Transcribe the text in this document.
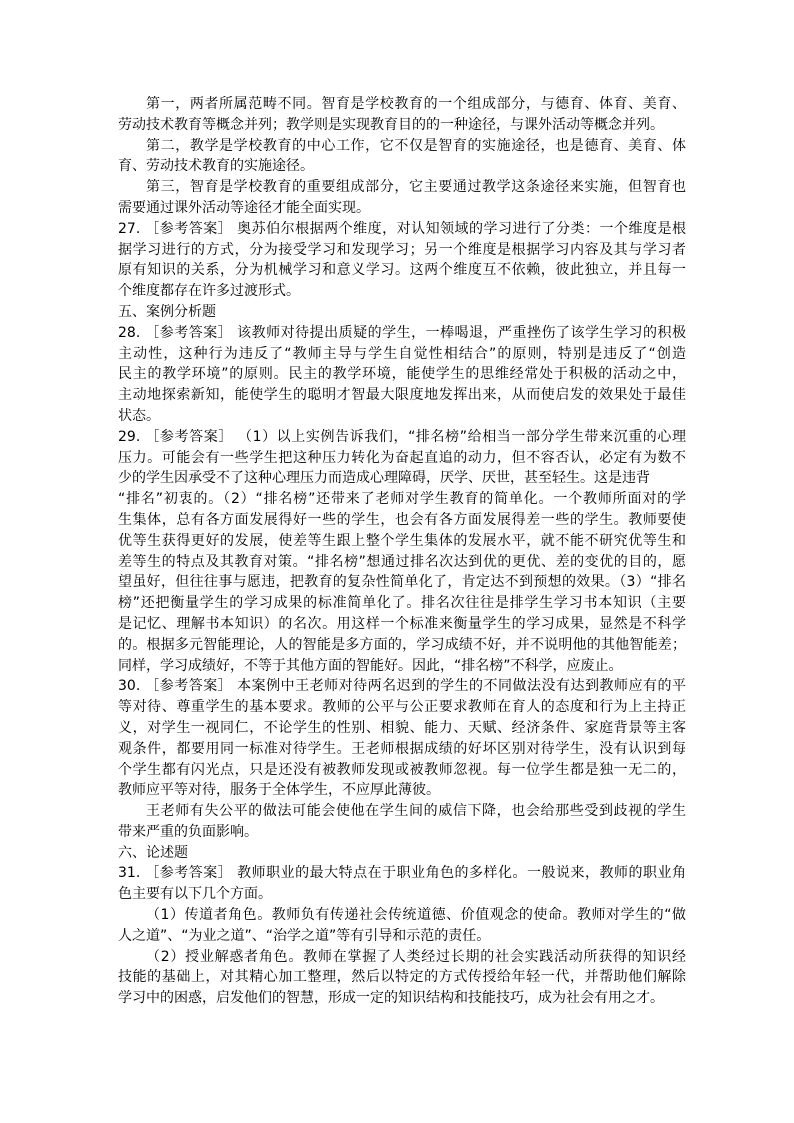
第一，两者所属范畴不同。智育是学校教育的一个组成部分，与德育、体育、美育、
劳动技术教育等概念并列；教学则是实现教育目的的一种途径，与课外活动等概念并列。
第二，教学是学校教育的中心工作，它不仅是智育的实施途径，也是德育、美育、体
育、劳动技术教育的实施途径。
第三，智育是学校教育的重要组成部分，它主要通过教学这条途径来实施，但智育也
需要通过课外活动等途径才能全面实现。
27. ［参考答案］ 奥苏伯尔根据两个维度，对认知领域的学习进行了分类：一个维度是根
据学习进行的方式，分为接受学习和发现学习；另一个维度是根据学习内容及其与学习者
原有知识的关系，分为机械学习和意义学习。这两个维度互不依赖，彼此独立，并且每一
个维度都存在许多过渡形式。
五、案例分析题
28. ［参考答案］ 该教师对待提出质疑的学生，一棒喝退，严重挫伤了该学生学习的积极
主动性，这种行为违反了“教师主导与学生自觉性相结合”的原则，特别是违反了“创造
民主的教学环境”的原则。民主的教学环境，能使学生的思维经常处于积极的活动之中，
主动地探索新知，能使学生的聪明才智最大限度地发挥出来，从而使启发的效果处于最佳
状态。
29. ［参考答案］ （1）以上实例告诉我们，“排名榜”给相当一部分学生带来沉重的心理
压力。可能会有一些学生把这种压力转化为奋起直追的动力，但不容否认，必定有为数不
少的学生因承受不了这种心理压力而造成心理障碍，厌学、厌世，甚至轻生。这是违背
“排名”初衷的。（2）“排名榜”还带来了老师对学生教育的简单化。一个教师所面对的学
生集体，总有各方面发展得好一些的学生，也会有各方面发展得差一些的学生。教师要使
优等生获得更好的发展，使差等生跟上整个学生集体的发展水平，就不能不研究优等生和
差等生的特点及其教育对策。“排名榜”想通过排名次达到优的更优、差的变优的目的，愿
望虽好，但往往事与愿违，把教育的复杂性简单化了，肯定达不到预想的效果。（3）“排名
榜”还把衡量学生的学习成果的标准简单化了。排名次往往是排学生学习书本知识（主要
是记忆、理解书本知识）的名次。用这样一个标准来衡量学生的学习成果，显然是不科学
的。根据多元智能理论，人的智能是多方面的，学习成绩不好，并不说明他的其他智能差；
同样，学习成绩好，不等于其他方面的智能好。因此，“排名榜”不科学，应废止。
30. ［参考答案］ 本案例中王老师对待两名迟到的学生的不同做法没有达到教师应有的平
等对待、尊重学生的基本要求。教师的公平与公正要求教师在育人的态度和行为上主持正
义，对学生一视同仁，不论学生的性别、相貌、能力、天赋、经济条件、家庭背景等主客
观条件，都要用同一标准对待学生。王老师根据成绩的好坏区别对待学生，没有认识到每
个学生都有闪光点，只是还没有被教师发现或被教师忽视。每一位学生都是独一无二的，
教师应平等对待，服务于全体学生，不应厚此薄彼。
王老师有失公平的做法可能会使他在学生间的威信下降，也会给那些受到歧视的学生
带来严重的负面影响。
六、论述题
31. ［参考答案］ 教师职业的最大特点在于职业角色的多样化。一般说来，教师的职业角
色主要有以下几个方面。
（1）传道者角色。教师负有传递社会传统道德、价值观念的使命。教师对学生的“做
人之道”、“为业之道”、“治学之道”等有引导和示范的责任。
（2）授业解惑者角色。教师在掌握了人类经过长期的社会实践活动所获得的知识经
技能的基础上，对其精心加工整理，然后以特定的方式传授给年轻一代，并帮助他们解除
学习中的困惑，启发他们的智慧，形成一定的知识结构和技能技巧，成为社会有用之才。
